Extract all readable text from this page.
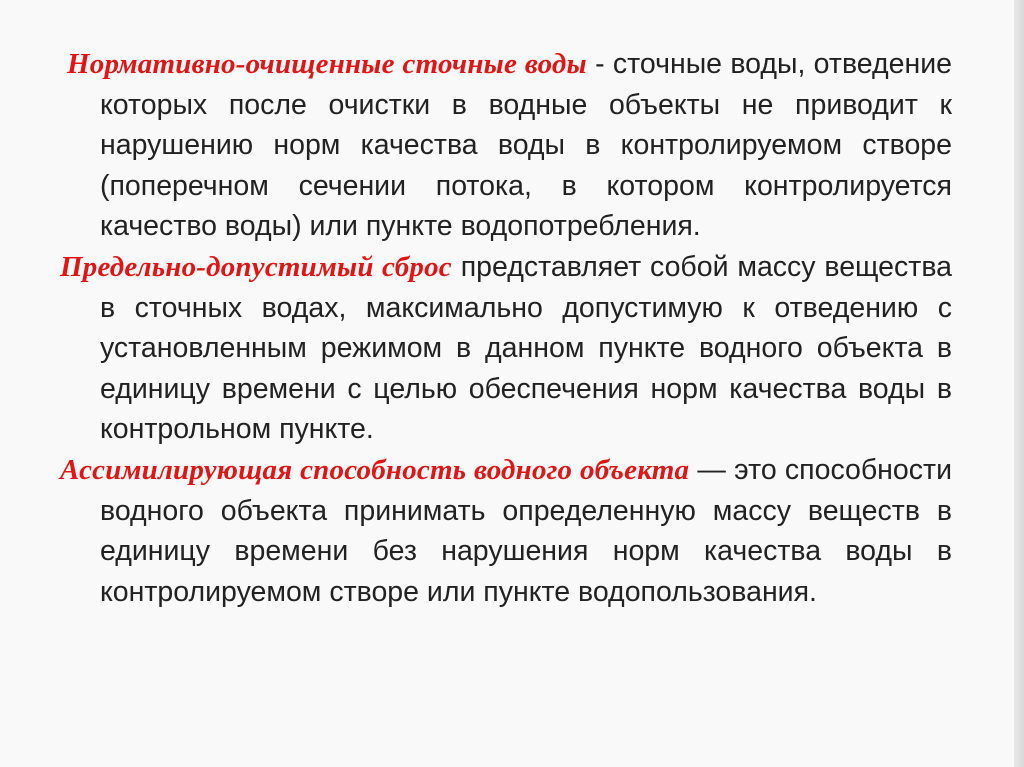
Нормативно-очищенные сточные воды - сточные воды, отведение которых после очистки в водные объекты не приводит к нарушению норм качества воды в контролируемом створе (поперечном сечении потока, в котором контролируется качество воды) или пункте водопотребления.

Предельно-допустимый сброс представляет собой массу вещества в сточных водах, максимально допустимую к отведению с установленным режимом в данном пункте водного объекта в единицу времени с целью обеспечения норм качества воды в контрольном пункте.

Ассимилирующая способность водного объекта — это способности водного объекта принимать определенную массу веществ в единицу времени без нарушения норм качества воды в контролируемом створе или пункте водопользования.
